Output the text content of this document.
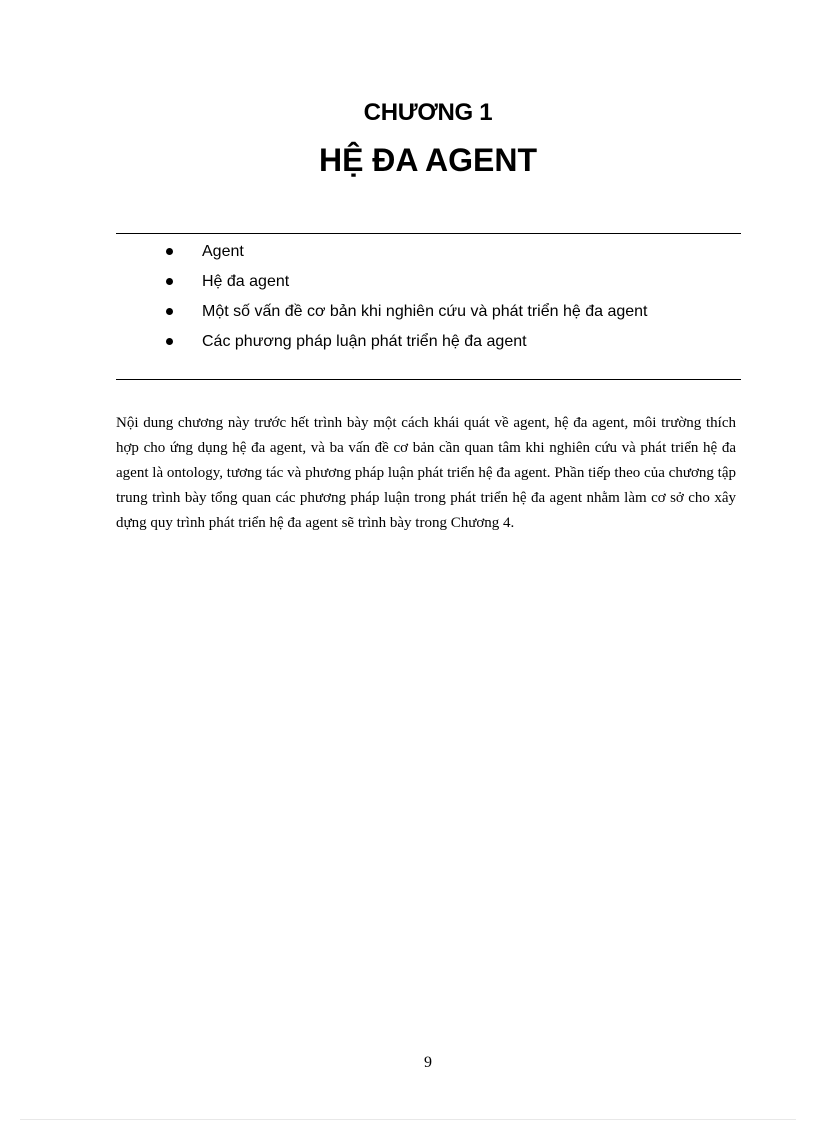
CHƯƠNG 1
HỆ ĐA AGENT
Agent
Hệ đa agent
Một số vấn đề cơ bản khi nghiên cứu và phát triển hệ đa agent
Các phương pháp luận phát triển hệ đa agent

Nội dung chương này trước hết trình bày một cách khái quát về agent, hệ đa agent, môi trường thích hợp cho ứng dụng hệ đa agent, và ba vấn đề cơ bản cần quan tâm khi nghiên cứu và phát triển hệ đa agent là ontology, tương tác và phương pháp luận phát triển hệ đa agent. Phần tiếp theo của chương tập trung trình bày tổng quan các phương pháp luận trong phát triển hệ đa agent nhằm làm cơ sở cho xây dựng quy trình phát triển hệ đa agent sẽ trình bày trong Chương 4.

9
